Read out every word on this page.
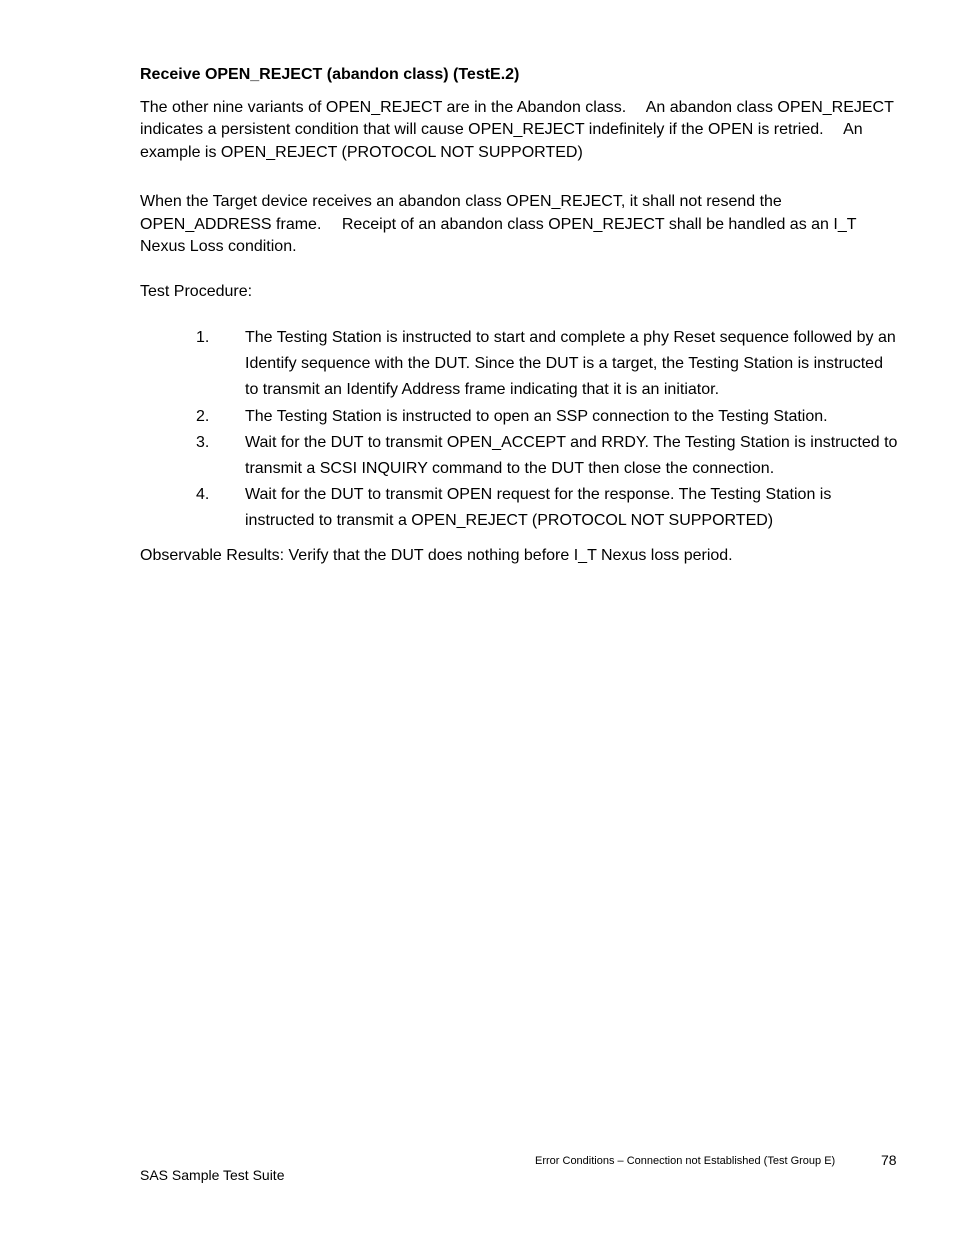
Receive OPEN_REJECT (abandon class) (TestE.2)

The other nine variants of OPEN_REJECT are in the Abandon class.  An abandon class OPEN_REJECT indicates a persistent condition that will cause OPEN_REJECT indefinitely if the OPEN is retried.  An example is OPEN_REJECT (PROTOCOL NOT SUPPORTED)

When the Target device receives an abandon class OPEN_REJECT, it shall not resend the OPEN_ADDRESS frame.  Receipt of an abandon class OPEN_REJECT shall be handled as an I_T Nexus Loss condition.

Test Procedure:

1. The Testing Station is instructed to start and complete a phy Reset sequence followed by an Identify sequence with the DUT. Since the DUT is a target, the Testing Station is instructed to transmit an Identify Address frame indicating that it is an initiator.
2. The Testing Station is instructed to open an SSP connection to the Testing Station.
3. Wait for the DUT to transmit OPEN_ACCEPT and RRDY. The Testing Station is instructed to transmit a SCSI INQUIRY command to the DUT then close the connection.
4. Wait for the DUT to transmit OPEN request for the response. The Testing Station is instructed to transmit a OPEN_REJECT (PROTOCOL NOT SUPPORTED)

Observable Results: Verify that the DUT does nothing before I_T Nexus loss period.

Error Conditions – Connection not Established (Test Group E)	78
SAS Sample Test Suite
